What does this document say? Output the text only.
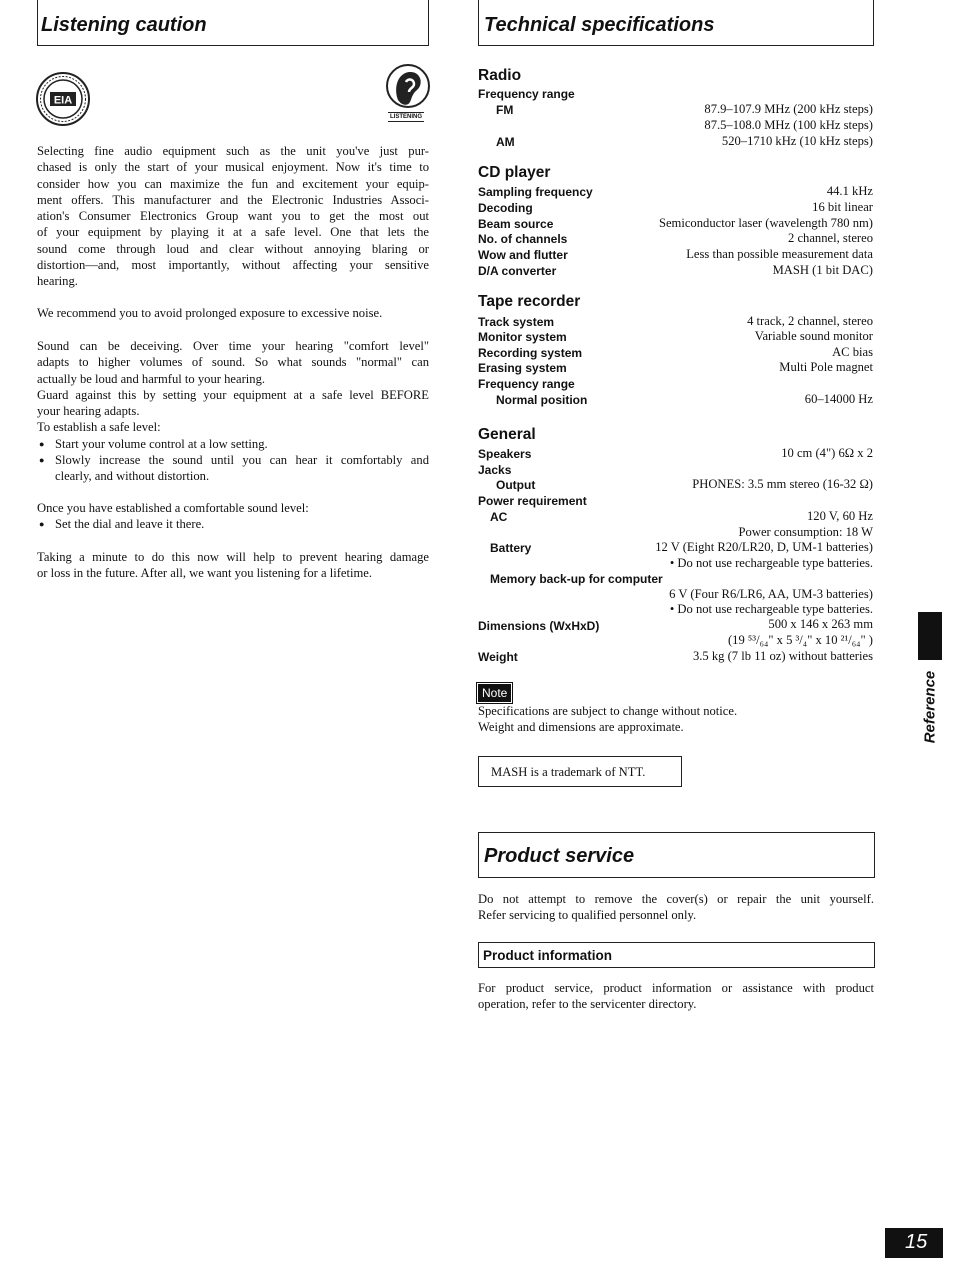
Listening caution
EIA
LISTENING
Selecting fine audio equipment such as the unit you've just pur-
chased is only the start of your musical enjoyment. Now it's time to
consider how you can maximize the fun and excitement your equip-
ment offers. This manufacturer and the Electronic Industries Associ-
ation's Consumer Electronics Group want you to get the most out
of your equipment by playing it at a safe level. One that lets the
sound come through loud and clear without annoying blaring or
distortion—and, most importantly, without affecting your sensitive
hearing.
We recommend you to avoid prolonged exposure to excessive noise.
Sound can be deceiving. Over time your hearing "comfort level"
adapts to higher volumes of sound. So what sounds "normal" can
actually be loud and harmful to your hearing.
Guard against this by setting your equipment at a safe level BEFORE
your hearing adapts.
To establish a safe level:
● Start your volume control at a low setting.
● Slowly increase the sound until you can hear it comfortably and
clearly, and without distortion.
Once you have established a comfortable sound level:
● Set the dial and leave it there.
Taking a minute to do this now will help to prevent hearing damage
or loss in the future. After all, we want you listening for a lifetime.
Technical specifications
Radio
Frequency range
FM	87.9–107.9 MHz (200 kHz steps)
87.5–108.0 MHz (100 kHz steps)
AM	520–1710 kHz (10 kHz steps)
CD player
Sampling frequency	44.1 kHz
Decoding	16 bit linear
Beam source	Semiconductor laser (wavelength 780 nm)
No. of channels	2 channel, stereo
Wow and flutter	Less than possible measurement data
D/A converter	MASH (1 bit DAC)
Tape recorder
Track system	4 track, 2 channel, stereo
Monitor system	Variable sound monitor
Recording system	AC bias
Erasing system	Multi Pole magnet
Frequency range
Normal position	60–14000 Hz
General
Speakers	10 cm (4") 6Ω x 2
Jacks
Output	PHONES: 3.5 mm stereo (16-32 Ω)
Power requirement
AC	120 V, 60 Hz
Power consumption: 18 W
Battery	12 V (Eight R20/LR20, D, UM-1 batteries)
• Do not use rechargeable type batteries.
Memory back-up for computer
6 V (Four R6/LR6, AA, UM-3 batteries)
• Do not use rechargeable type batteries.
Dimensions (WxHxD)	500 x 146 x 263 mm
(19 ⁵³/₆₄" x 5 ³/₄" x 10 ²¹/₆₄" )
Weight	3.5 kg (7 lb 11 oz) without batteries
Note
Specifications are subject to change without notice.
Weight and dimensions are approximate.
MASH is a trademark of NTT.
Product service
Do not attempt to remove the cover(s) or repair the unit yourself.
Refer servicing to qualified personnel only.
Product information
For product service, product information or assistance with product
operation, refer to the servicenter directory.
Reference
15
